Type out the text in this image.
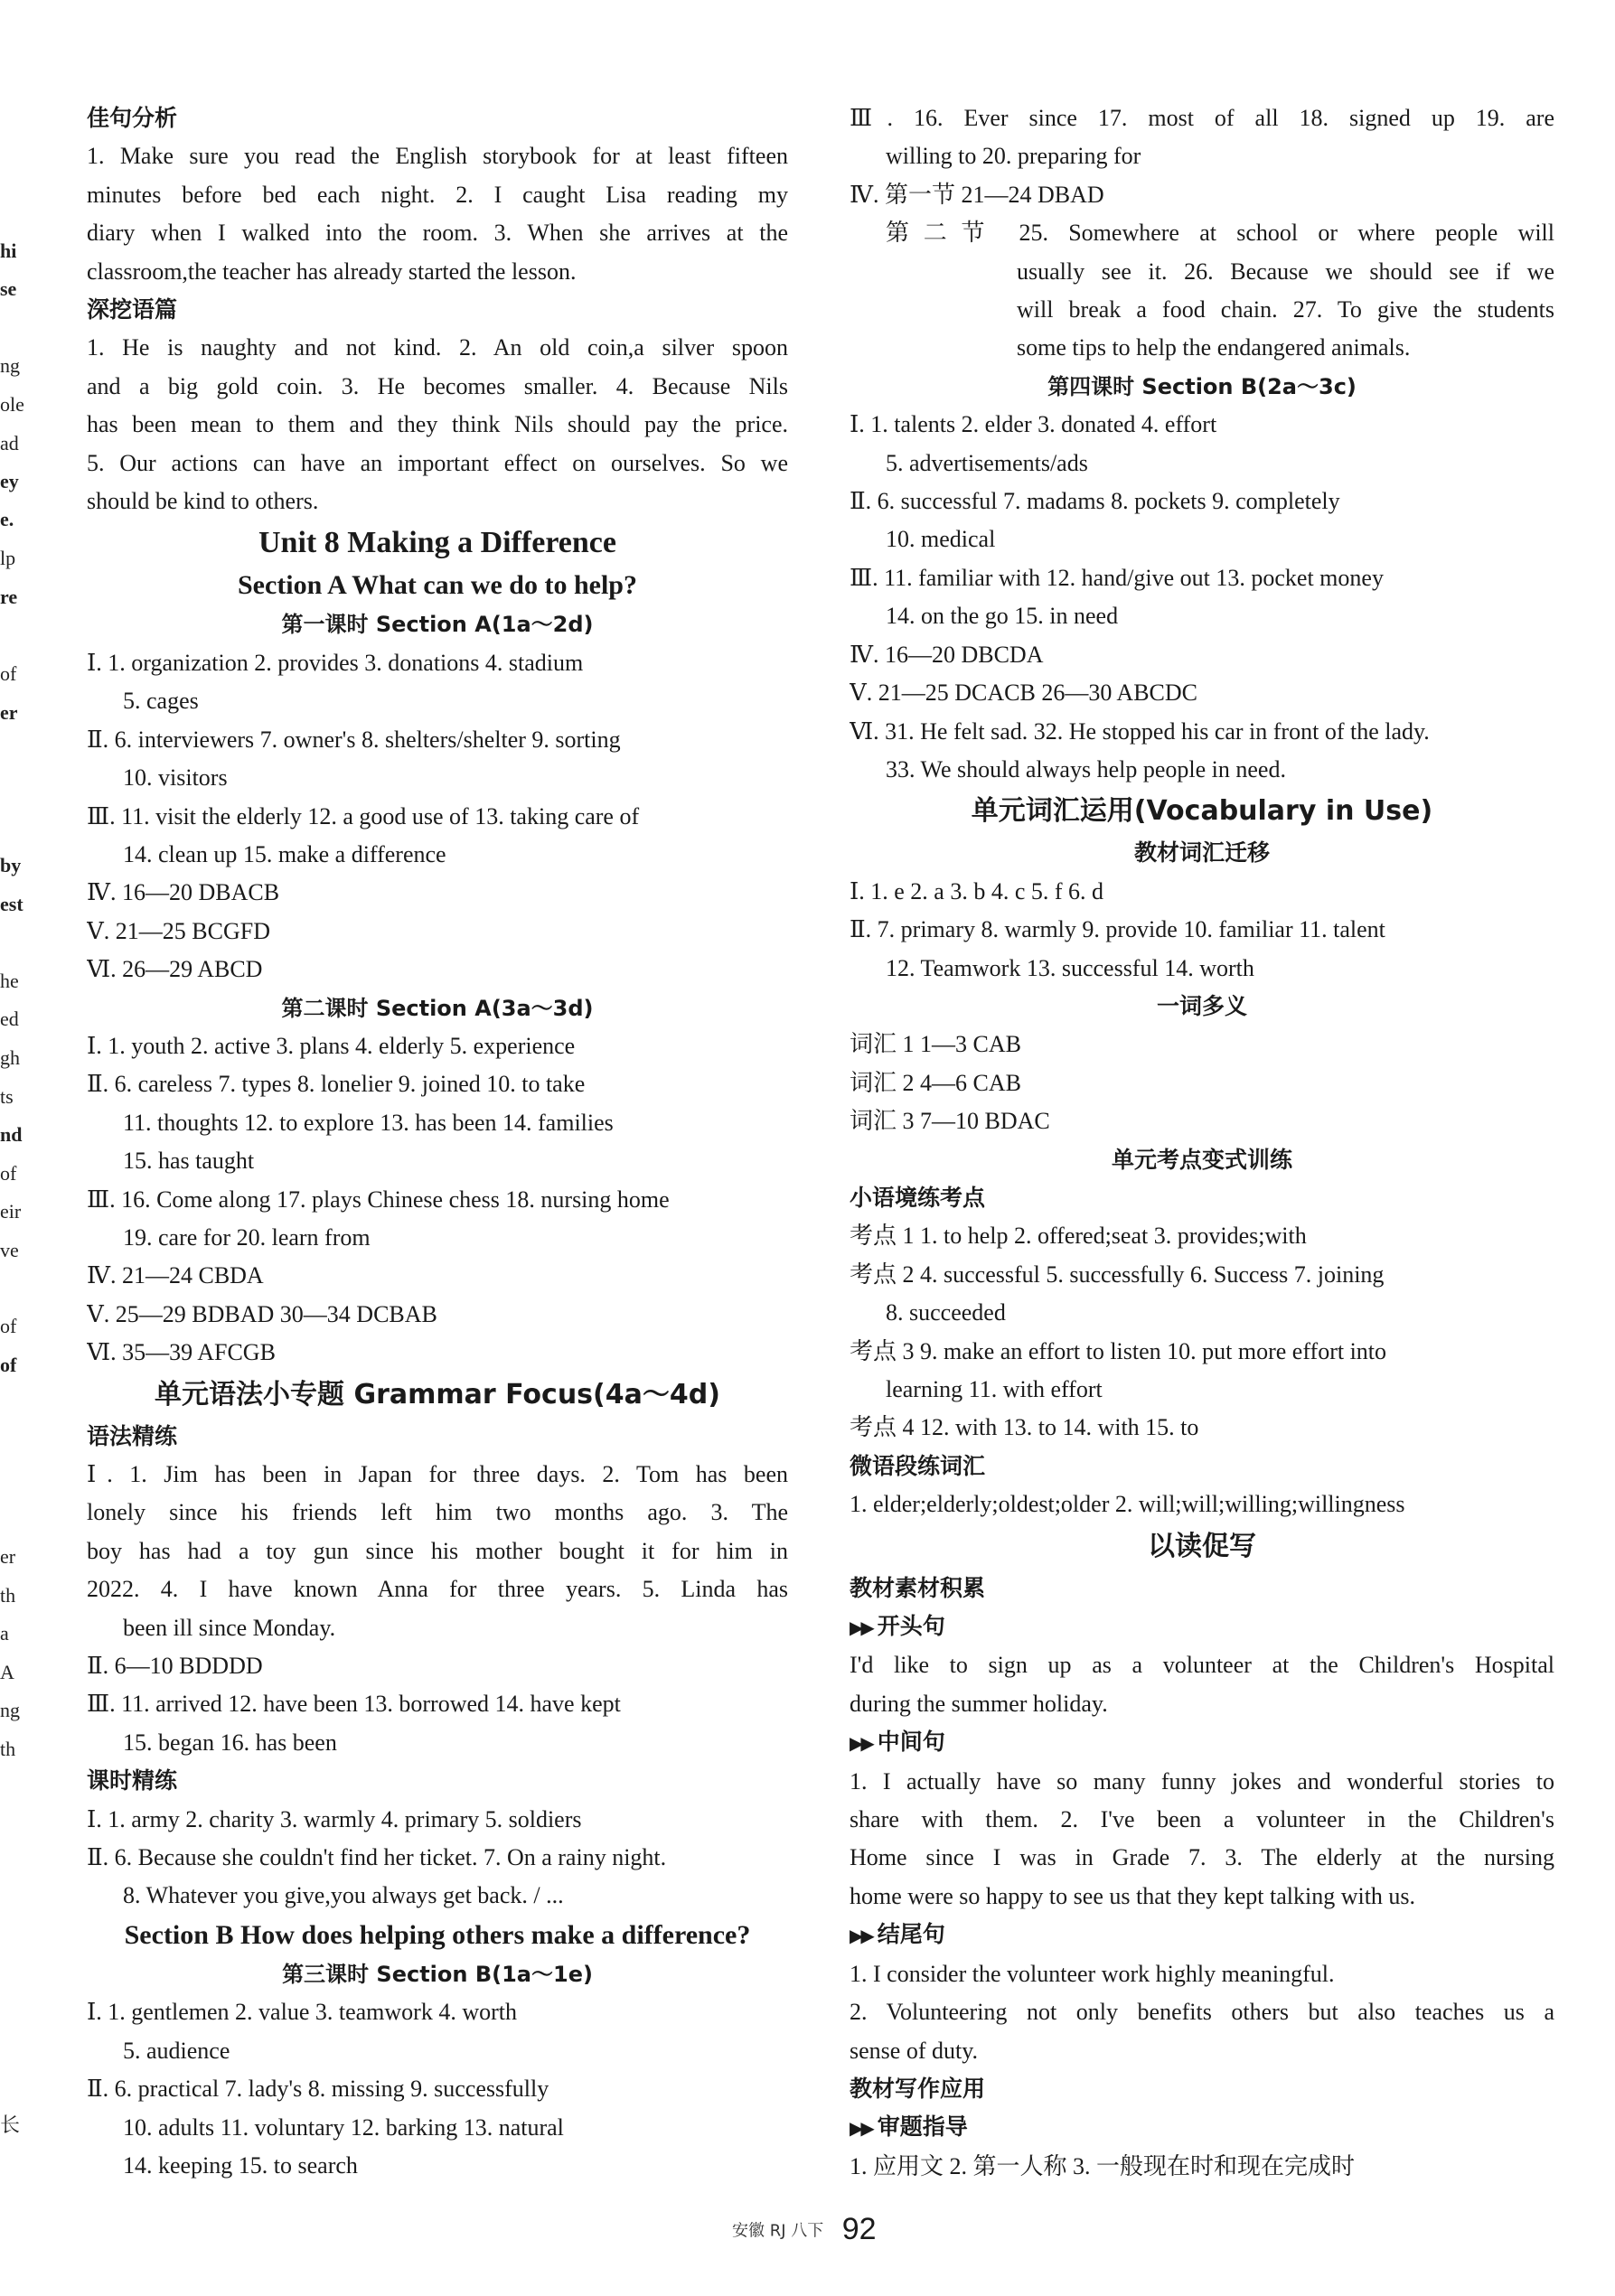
hi
se
ng
ole
ad
ey
e.
lp
re
of
er
by
est
he
ed
gh
ts
nd
of
eir
ve
of
of
er
th
a
A
ng
th
长
佳句分析
1. Make sure you read the English storybook for at least fifteen
minutes before bed each night. 2. I caught Lisa reading my
diary when I walked into the room. 3. When she arrives at the
classroom,the teacher has already started the lesson.
深挖语篇
1. He is naughty and not kind. 2. An old coin,a silver spoon
and a big gold coin. 3. He becomes smaller. 4. Because Nils
has been mean to them and they think Nils should pay the price.
5. Our actions can have an important effect on ourselves. So we
should be kind to others.
Unit 8 Making a Difference
Section A What can we do to help?
第一课时 Section A(1a～2d)
Ⅰ. 1. organization 2. provides 3. donations 4. stadium
5. cages
Ⅱ. 6. interviewers 7. owner's 8. shelters/shelter 9. sorting
10. visitors
Ⅲ. 11. visit the elderly 12. a good use of 13. taking care of
14. clean up 15. make a difference
Ⅳ. 16—20 DBACB
Ⅴ. 21—25 BCGFD
Ⅵ. 26—29 ABCD
第二课时 Section A(3a～3d)
Ⅰ. 1. youth 2. active 3. plans 4. elderly 5. experience
Ⅱ. 6. careless 7. types 8. lonelier 9. joined 10. to take
11. thoughts 12. to explore 13. has been 14. families
15. has taught
Ⅲ. 16. Come along 17. plays Chinese chess 18. nursing home
19. care for 20. learn from
Ⅳ. 21—24 CBDA
Ⅴ. 25—29 BDBAD 30—34 DCBAB
Ⅵ. 35—39 AFCGB
单元语法小专题 Grammar Focus(4a～4d)
语法精练
Ⅰ. 1. Jim has been in Japan for three days. 2. Tom has been
lonely since his friends left him two months ago. 3. The
boy has had a toy gun since his mother bought it for him in
2022. 4. I have known Anna for three years. 5. Linda has
been ill since Monday.
Ⅱ. 6—10 BDDDD
Ⅲ. 11. arrived 12. have been 13. borrowed 14. have kept
15. began 16. has been
课时精练
Ⅰ. 1. army 2. charity 3. warmly 4. primary 5. soldiers
Ⅱ. 6. Because she couldn't find her ticket. 7. On a rainy night.
8. Whatever you give,you always get back. / ...
Section B How does helping others make a difference?
第三课时 Section B(1a～1e)
Ⅰ. 1. gentlemen 2. value 3. teamwork 4. worth
5. audience
Ⅱ. 6. practical 7. lady's 8. missing 9. successfully
10. adults 11. voluntary 12. barking 13. natural
14. keeping 15. to search
Ⅲ. 16. Ever since 17. most of all 18. signed up 19. are
willing to 20. preparing for
Ⅳ. 第一节 21—24 DBAD
第二节 25. Somewhere at school or where people will
usually see it. 26. Because we should see if we
will break a food chain. 27. To give the students
some tips to help the endangered animals.
第四课时 Section B(2a～3c)
Ⅰ. 1. talents 2. elder 3. donated 4. effort
5. advertisements/ads
Ⅱ. 6. successful 7. madams 8. pockets 9. completely
10. medical
Ⅲ. 11. familiar with 12. hand/give out 13. pocket money
14. on the go 15. in need
Ⅳ. 16—20 DBCDA
Ⅴ. 21—25 DCACB 26—30 ABCDC
Ⅵ. 31. He felt sad. 32. He stopped his car in front of the lady.
33. We should always help people in need.
单元词汇运用(Vocabulary in Use)
教材词汇迁移
Ⅰ. 1. e 2. a 3. b 4. c 5. f 6. d
Ⅱ. 7. primary 8. warmly 9. provide 10. familiar 11. talent
12. Teamwork 13. successful 14. worth
一词多义
词汇 1 1—3 CAB
词汇 2 4—6 CAB
词汇 3 7—10 BDAC
单元考点变式训练
小语境练考点
考点 1 1. to help 2. offered;seat 3. provides;with
考点 2 4. successful 5. successfully 6. Success 7. joining
8. succeeded
考点 3 9. make an effort to listen 10. put more effort into
learning 11. with effort
考点 4 12. with 13. to 14. with 15. to
微语段练词汇
1. elder;elderly;oldest;older 2. will;will;willing;willingness
以读促写
教材素材积累
▶▶ 开头句
I'd like to sign up as a volunteer at the Children's Hospital
during the summer holiday.
▶▶ 中间句
1. I actually have so many funny jokes and wonderful stories to
share with them. 2. I've been a volunteer in the Children's
Home since I was in Grade 7. 3. The elderly at the nursing
home were so happy to see us that they kept talking with us.
▶▶ 结尾句
1. I consider the volunteer work highly meaningful.
2. Volunteering not only benefits others but also teaches us a
sense of duty.
教材写作应用
▶▶ 审题指导
1. 应用文 2. 第一人称 3. 一般现在时和现在完成时
安徽 RJ 八下 92
